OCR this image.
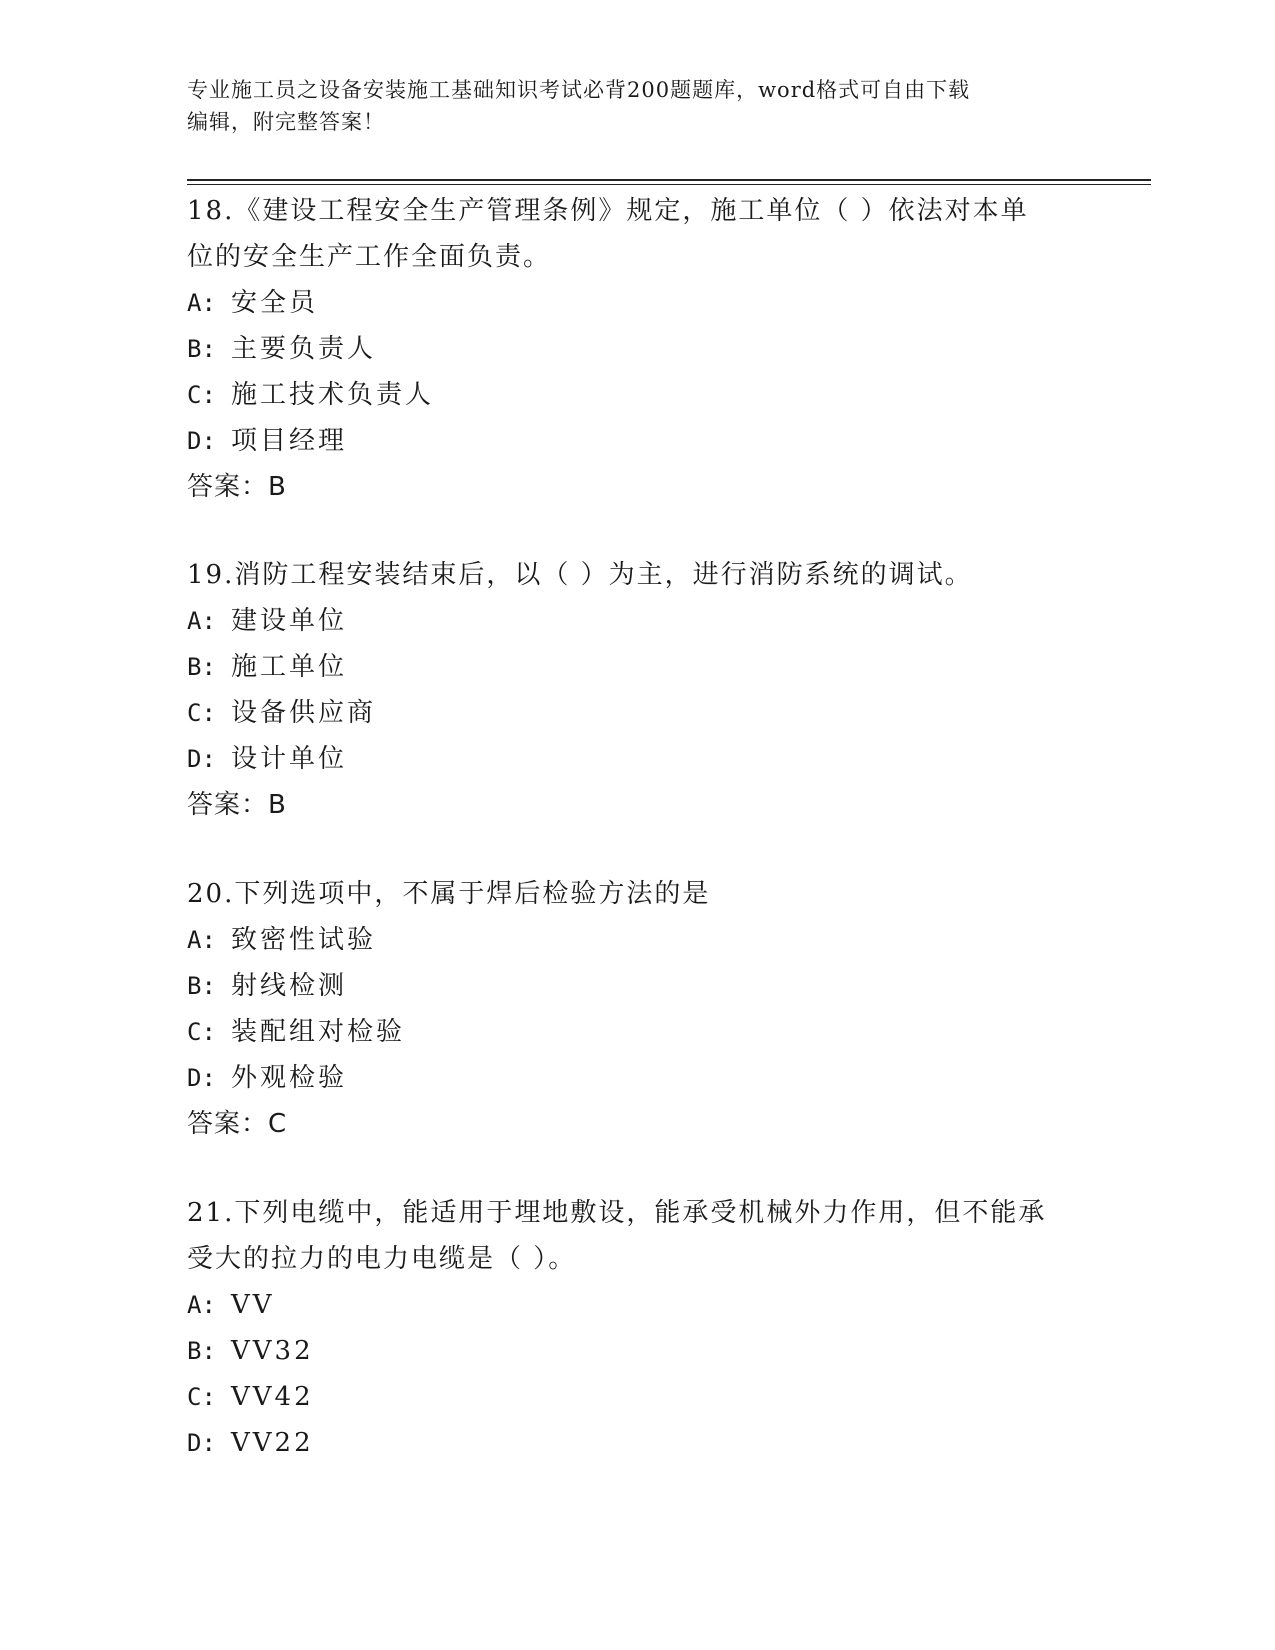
专业施工员之设备安装施工基础知识考试必背200题题库，word格式可自由下载
编辑，附完整答案！
18.《建设工程安全生产管理条例》规定，施工单位（ ）依法对本单
位的安全生产工作全面负责。
A: 安全员
B: 主要负责人
C: 施工技术负责人
D: 项目经理
答案：B
19.消防工程安装结束后，以（ ）为主，进行消防系统的调试。
A: 建设单位
B: 施工单位
C: 设备供应商
D: 设计单位
答案：B
20.下列选项中，不属于焊后检验方法的是
A: 致密性试验
B: 射线检测
C: 装配组对检验
D: 外观检验
答案：C
21.下列电缆中，能适用于埋地敷设，能承受机械外力作用，但不能承
受大的拉力的电力电缆是（ ）。
A: VV
B: VV32
C: VV42
D: VV22
